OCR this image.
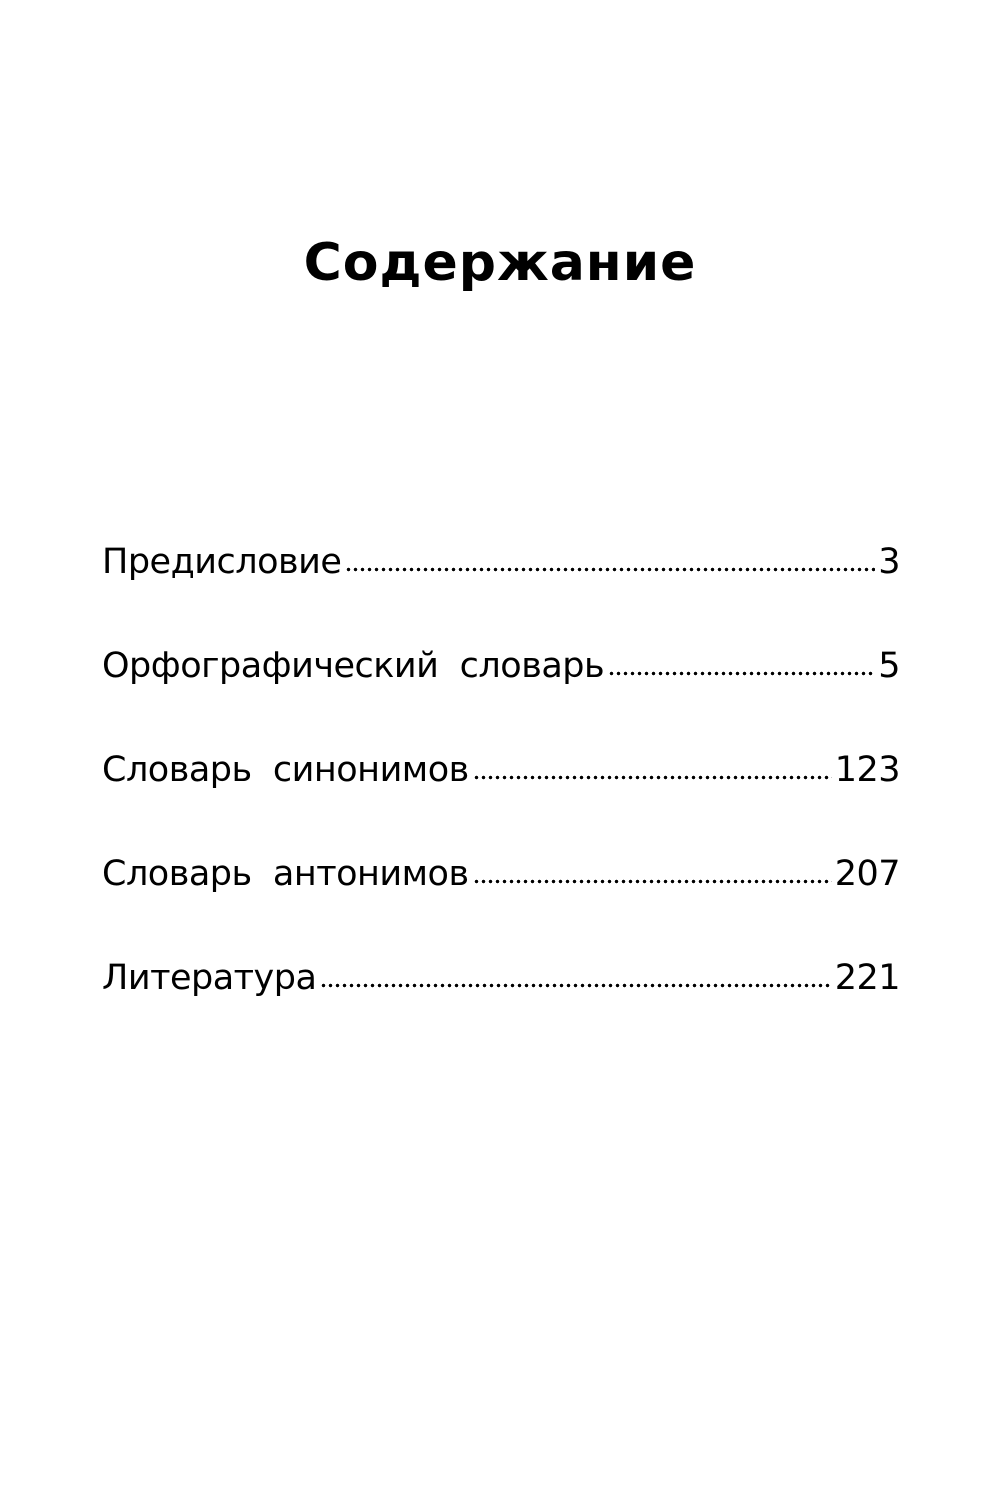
Содержание
Предисловие	3
Орфографический  словарь	5
Словарь  синонимов	123
Словарь  антонимов	207
Литература	221
